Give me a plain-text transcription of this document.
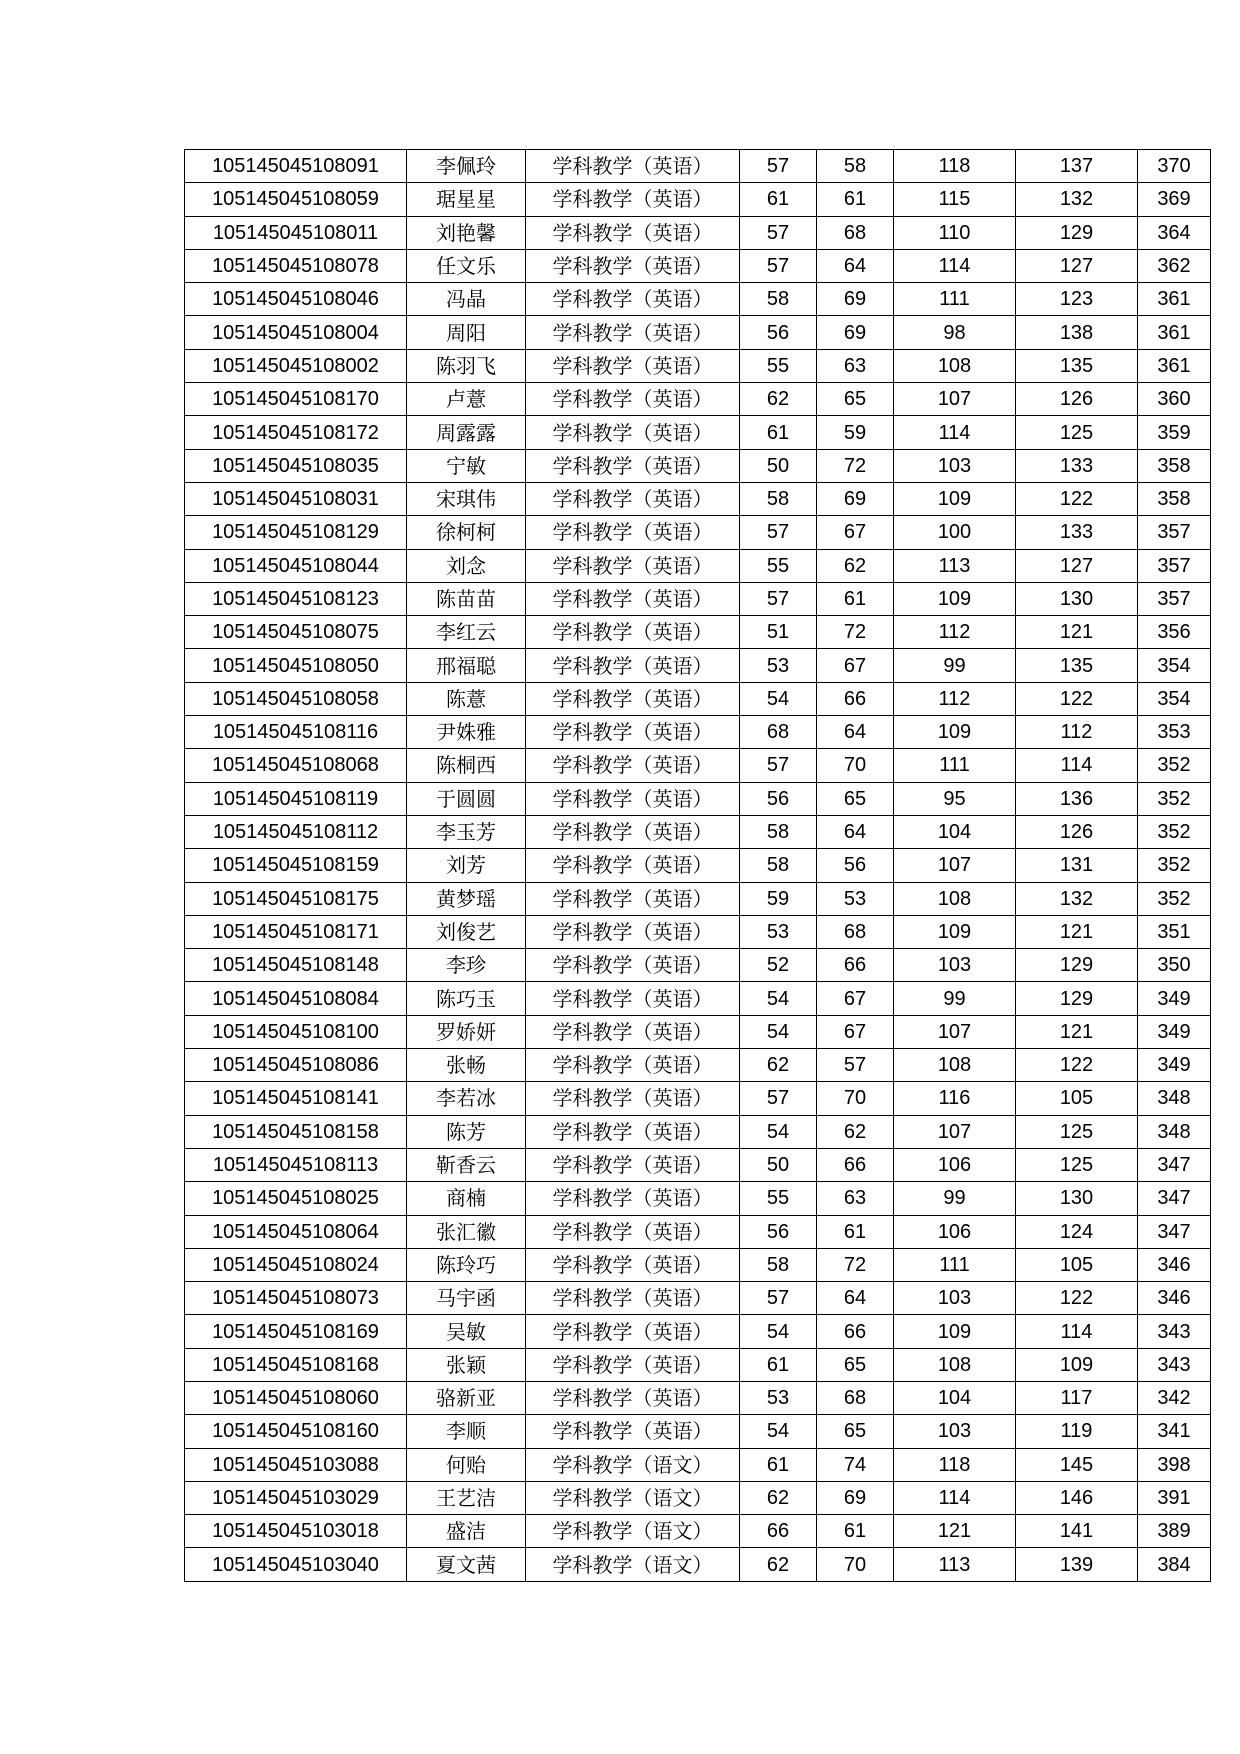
105145045108091	李佩玲	学科教学（英语）	57	58	118	137	370
105145045108059	琚星星	学科教学（英语）	61	61	115	132	369
105145045108011	刘艳馨	学科教学（英语）	57	68	110	129	364
105145045108078	任文乐	学科教学（英语）	57	64	114	127	362
105145045108046	冯晶	学科教学（英语）	58	69	111	123	361
105145045108004	周阳	学科教学（英语）	56	69	98	138	361
105145045108002	陈羽飞	学科教学（英语）	55	63	108	135	361
105145045108170	卢薏	学科教学（英语）	62	65	107	126	360
105145045108172	周露露	学科教学（英语）	61	59	114	125	359
105145045108035	宁敏	学科教学（英语）	50	72	103	133	358
105145045108031	宋琪伟	学科教学（英语）	58	69	109	122	358
105145045108129	徐柯柯	学科教学（英语）	57	67	100	133	357
105145045108044	刘念	学科教学（英语）	55	62	113	127	357
105145045108123	陈苗苗	学科教学（英语）	57	61	109	130	357
105145045108075	李红云	学科教学（英语）	51	72	112	121	356
105145045108050	邢福聪	学科教学（英语）	53	67	99	135	354
105145045108058	陈薏	学科教学（英语）	54	66	112	122	354
105145045108116	尹姝雅	学科教学（英语）	68	64	109	112	353
105145045108068	陈桐西	学科教学（英语）	57	70	111	114	352
105145045108119	于圆圆	学科教学（英语）	56	65	95	136	352
105145045108112	李玉芳	学科教学（英语）	58	64	104	126	352
105145045108159	刘芳	学科教学（英语）	58	56	107	131	352
105145045108175	黄梦瑶	学科教学（英语）	59	53	108	132	352
105145045108171	刘俊艺	学科教学（英语）	53	68	109	121	351
105145045108148	李珍	学科教学（英语）	52	66	103	129	350
105145045108084	陈巧玉	学科教学（英语）	54	67	99	129	349
105145045108100	罗娇妍	学科教学（英语）	54	67	107	121	349
105145045108086	张畅	学科教学（英语）	62	57	108	122	349
105145045108141	李若冰	学科教学（英语）	57	70	116	105	348
105145045108158	陈芳	学科教学（英语）	54	62	107	125	348
105145045108113	靳香云	学科教学（英语）	50	66	106	125	347
105145045108025	商楠	学科教学（英语）	55	63	99	130	347
105145045108064	张汇徽	学科教学（英语）	56	61	106	124	347
105145045108024	陈玲巧	学科教学（英语）	58	72	111	105	346
105145045108073	马宇函	学科教学（英语）	57	64	103	122	346
105145045108169	吴敏	学科教学（英语）	54	66	109	114	343
105145045108168	张颖	学科教学（英语）	61	65	108	109	343
105145045108060	骆新亚	学科教学（英语）	53	68	104	117	342
105145045108160	李顺	学科教学（英语）	54	65	103	119	341
105145045103088	何贻	学科教学（语文）	61	74	118	145	398
105145045103029	王艺洁	学科教学（语文）	62	69	114	146	391
105145045103018	盛洁	学科教学（语文）	66	61	121	141	389
105145045103040	夏文茜	学科教学（语文）	62	70	113	139	384
